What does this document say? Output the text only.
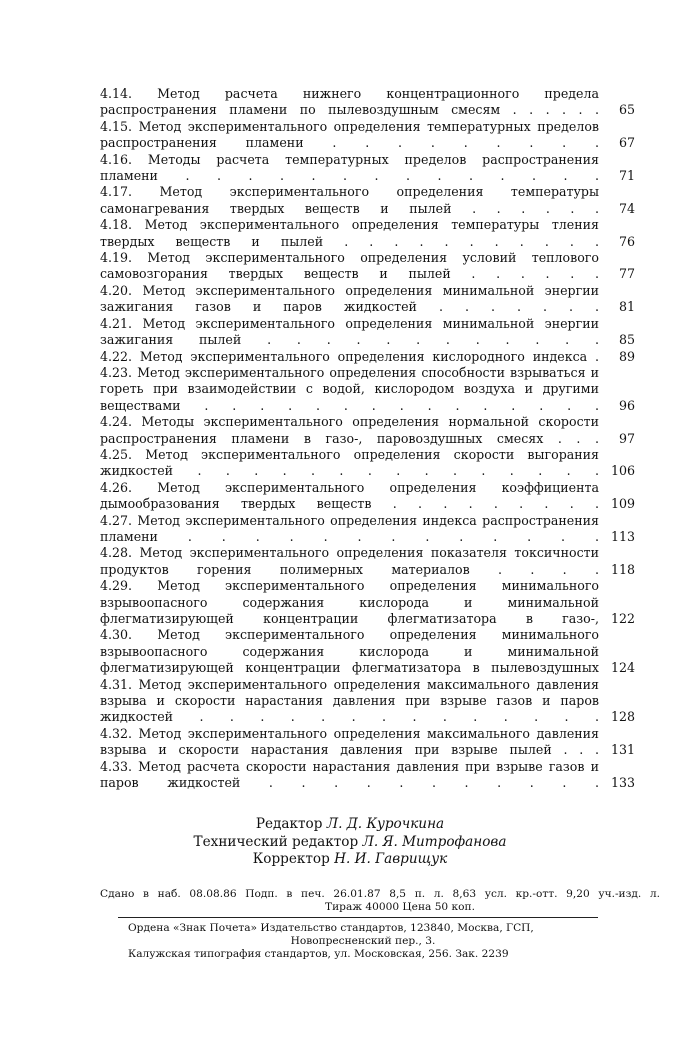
4.14. Метод расчета нижнего концентрационного предела распространения пламени по пылевоздушным смесям . . . . . .	65
4.15. Метод экспериментального определения температурных пределов распространения пламени . . . . . . . . .	67
4.16. Методы расчета температурных пределов распространения пламени . . . . . . . . . . . . . .	71
4.17. Метод экспериментального определения температуры самонагревания твердых веществ и пылей . . . . . .	74
4.18. Метод экспериментального определения температуры тления твердых веществ и пылей . . . . . . . . . . .	76
4.19. Метод экспериментального определения условий теплового самовозгорания твердых веществ и пылей . . . . . .	77
4.20. Метод экспериментального определения минимальной энергии зажигания газов и паров жидкостей . . . . . . .	81
4.21. Метод экспериментального определения минимальной энергии зажигания пылей . . . . . . . . . . . .	85
4.22. Метод экспериментального определения кислородного индекса .	89
4.23. Метод экспериментального определения способности взрываться и гореть при взаимодействии с водой, кислородом воздуха и другими веществами . . . . . . . . . . . . . . .	96
4.24. Методы экспериментального определения нормальной скорости распространения пламени в газо-, паровоздушных смесях . . .	97
4.25. Метод экспериментального определения скорости выгорания жидкостей . . . . . . . . . . . . . . . 106
4.26. Метод экспериментального определения коэффициента дымообразования твердых веществ . . . . . . . . . 109
4.27. Метод экспериментального определения индекса распространения пламени . . . . . . . . . . . . . 113
4.28. Метод экспериментального определения показателя токсичности продуктов горения полимерных материалов . . . . 118
4.29. Метод экспериментального определения минимального взрывоопасного содержания кислорода и минимальной флегматизирующей концентрации флегматизатора в газо-, 122
4.30. Метод экспериментального определения минимального взрывоопасного содержания кислорода и минимальной флегматизирующей концентрации флегматизатора в пылевоздушных 124
4.31. Метод экспериментального определения максимального давления взрыва и скорости нарастания давления при взрыве газов и паров жидкостей . . . . . . . . . . . . . . 128
4.32. Метод экспериментального определения максимального давления взрыва и скорости нарастания давления при взрыве пылей . . . 131
4.33. Метод расчета скорости нарастания давления при взрыве газов и паров жидкостей . . . . . . . . . . . 133
Редактор Л. Д. Курочкина
Технический редактор Л. Я. Митрофанова
Корректор Н. И. Гаврищук
Сдано в наб. 08.08.86 Подп. в печ. 26.01.87 8,5 п. л. 8,63 усл. кр.-отт. 9,20 уч.-изд. л.
Тираж 40000 Цена 50 коп.
Ордена «Знак Почета» Издательство стандартов, 123840, Москва, ГСП,
Новопресненский пер., 3.
Калужская типография стандартов, ул. Московская, 256. Зак. 2239
